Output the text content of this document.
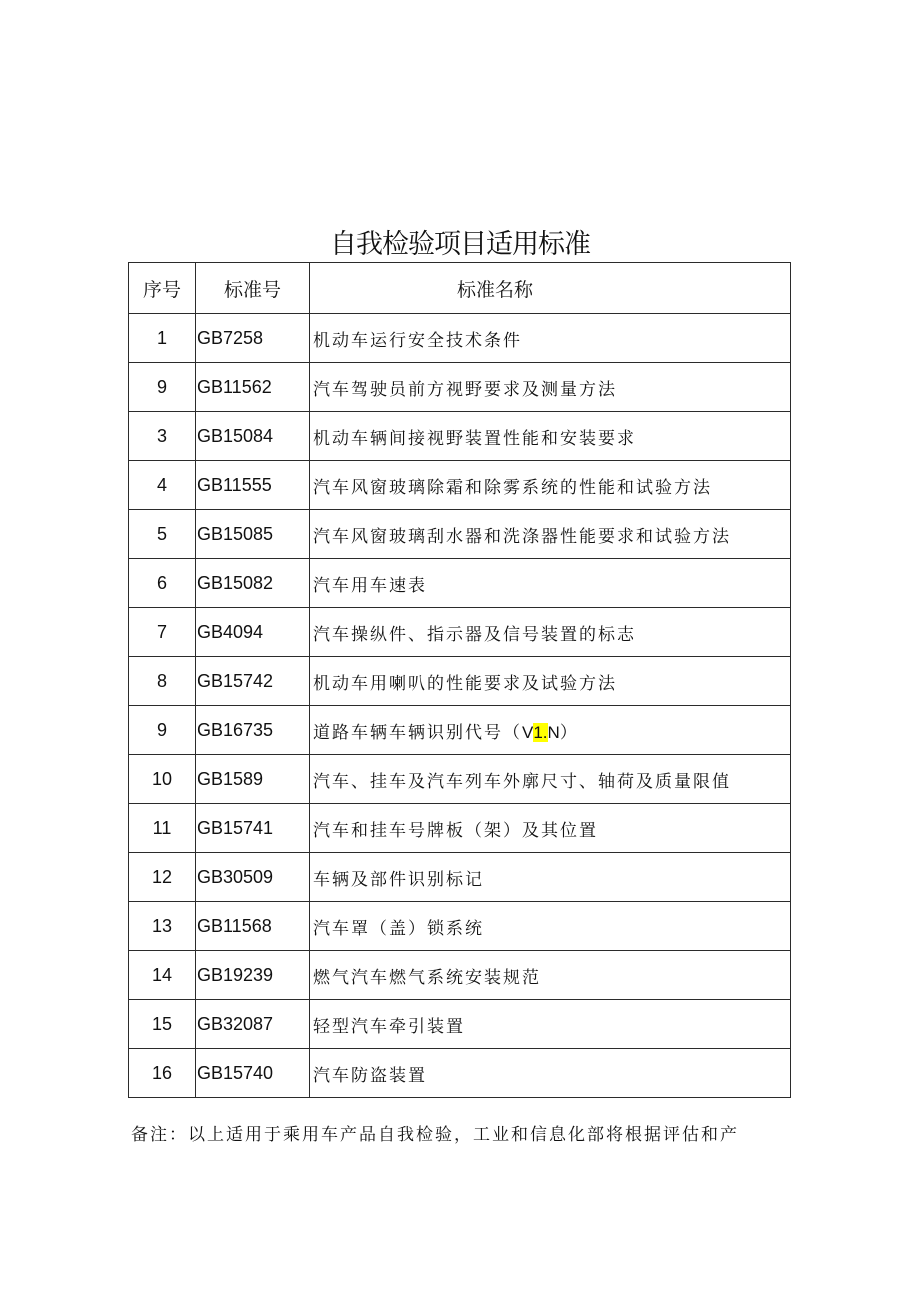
自我检验项目适用标准
序号	标准号	标准名称
1	GB7258	机动车运行安全技术条件
9	GB11562	汽车驾驶员前方视野要求及测量方法
3	GB15084	机动车辆间接视野装置性能和安装要求
4	GB11555	汽车风窗玻璃除霜和除雾系统的性能和试验方法
5	GB15085	汽车风窗玻璃刮水器和洗涤器性能要求和试验方法
6	GB15082	汽车用车速表
7	GB4094	汽车操纵件、指示器及信号装置的标志
8	GB15742	机动车用喇叭的性能要求及试验方法
9	GB16735	道路车辆车辆识别代号（V1.N）
10	GB1589	汽车、挂车及汽车列车外廓尺寸、轴荷及质量限值
11	GB15741	汽车和挂车号牌板（架）及其位置
12	GB30509	车辆及部件识别标记
13	GB11568	汽车罩（盖）锁系统
14	GB19239	燃气汽车燃气系统安装规范
15	GB32087	轻型汽车牵引装置
16	GB15740	汽车防盗装置
备注：以上适用于乘用车产品自我检验，工业和信息化部将根据评估和产
